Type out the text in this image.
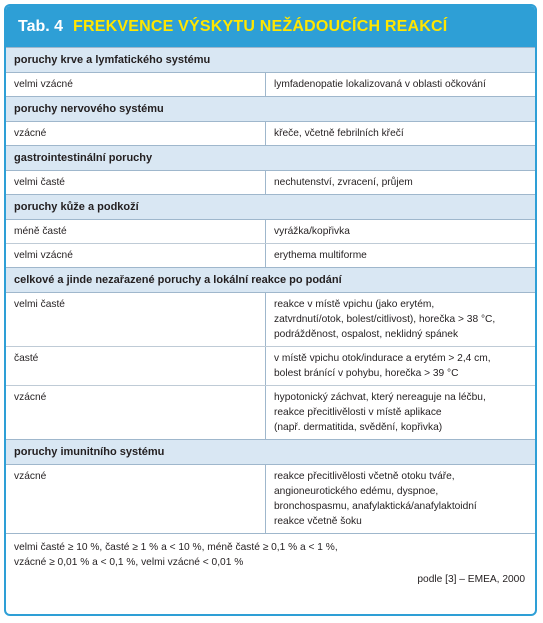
Tab. 4 FREKVENCE VÝSKYTU NEŽÁDOUCÍCH REAKCÍ
poruchy krve a lymfatického systému
velmi vzácné	lymfadenopatie lokalizovaná v oblasti očkování
poruchy nervového systému
vzácné	křeče, včetně febrilních křečí
gastrointestinální poruchy
velmi časté	nechutenství, zvracení, průjem
poruchy kůže a podkoží
méně časté	vyrážka/kopřivka
velmi vzácné	erythema multiforme
celkové a jinde nezařazené poruchy a lokální reakce po podání
velmi časté	reakce v místě vpichu (jako erytém,
zatvrdnutí/otok, bolest/citlivost), horečka > 38 °C,
podrážděnost, ospalost, neklidný spánek
časté	v místě vpichu otok/indurace a erytém > 2,4 cm,
bolest bránící v pohybu, horečka > 39 °C
vzácné	hypotonický záchvat, který nereaguje na léčbu,
reakce přecitlivělosti v místě aplikace
(např. dermatitida, svědění, kopřivka)
poruchy imunitního systému
vzácné	reakce přecitlivělosti včetně otoku tváře,
angioneurotického edému, dyspnoe,
bronchospasmu, anafylaktická/anafylaktoidní
reakce včetně šoku
velmi časté ≥ 10 %, časté ≥ 1 % a < 10 %, méně časté ≥ 0,1 % a < 1 %,
vzácné ≥ 0,01 % a < 0,1 %, velmi vzácné < 0,01 %
podle [3] – EMEA, 2000
